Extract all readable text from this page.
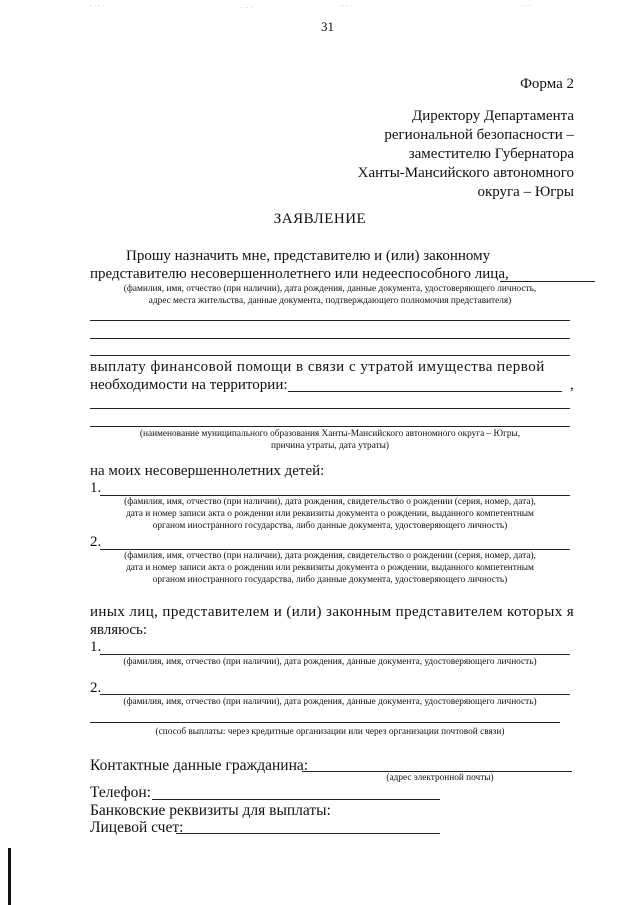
· · · ·	· ·· ·	·· · ·	· · ·
31
Форма 2
Директору Департамента
региональной безопасности –
заместителю Губернатора
Ханты-Мансийского автономного
округа – Югры
ЗАЯВЛЕНИЕ
Прошу назначить мне, представителю и (или) законному
представителю несовершеннолетнего или недееспособного лица,
(фамилия, имя, отчество (при наличии), дата рождения, данные документа, удостоверяющего личность,
адрес места жительства, данные документа, подтверждающего полномочия представителя)
выплату финансовой помощи в связи с утратой имущества первой
необходимости на территории:	,
(наименование муниципального образования Ханты-Мансийского автономного округа – Югры,
причина утраты, дата утраты)
на моих несовершеннолетних детей:
1.
(фамилия, имя, отчество (при наличии), дата рождения, свидетельство о рождении (серия, номер, дата),
дата и номер записи акта о рождении или реквизиты документа о рождении, выданного компетентным
органом иностранного государства, либо данные документа, удостоверяющего личность)
2.
(фамилия, имя, отчество (при наличии), дата рождения, свидетельство о рождении (серия, номер, дата),
дата и номер записи акта о рождении или реквизиты документа о рождении, выданного компетентным
органом иностранного государства, либо данные документа, удостоверяющего личность)
иных лиц, представителем и (или) законным представителем которых я
являюсь:
1.
(фамилия, имя, отчество (при наличии), дата рождения, данные документа, удостоверяющего личность)
2.
(фамилия, имя, отчество (при наличии), дата рождения, данные документа, удостоверяющего личность)
(способ выплаты: через кредитные организации или через организации почтовой связи)
Контактные данные гражданина:
(адрес электронной почты)
Телефон:
Банковские реквизиты для выплаты:
Лицевой счет:
